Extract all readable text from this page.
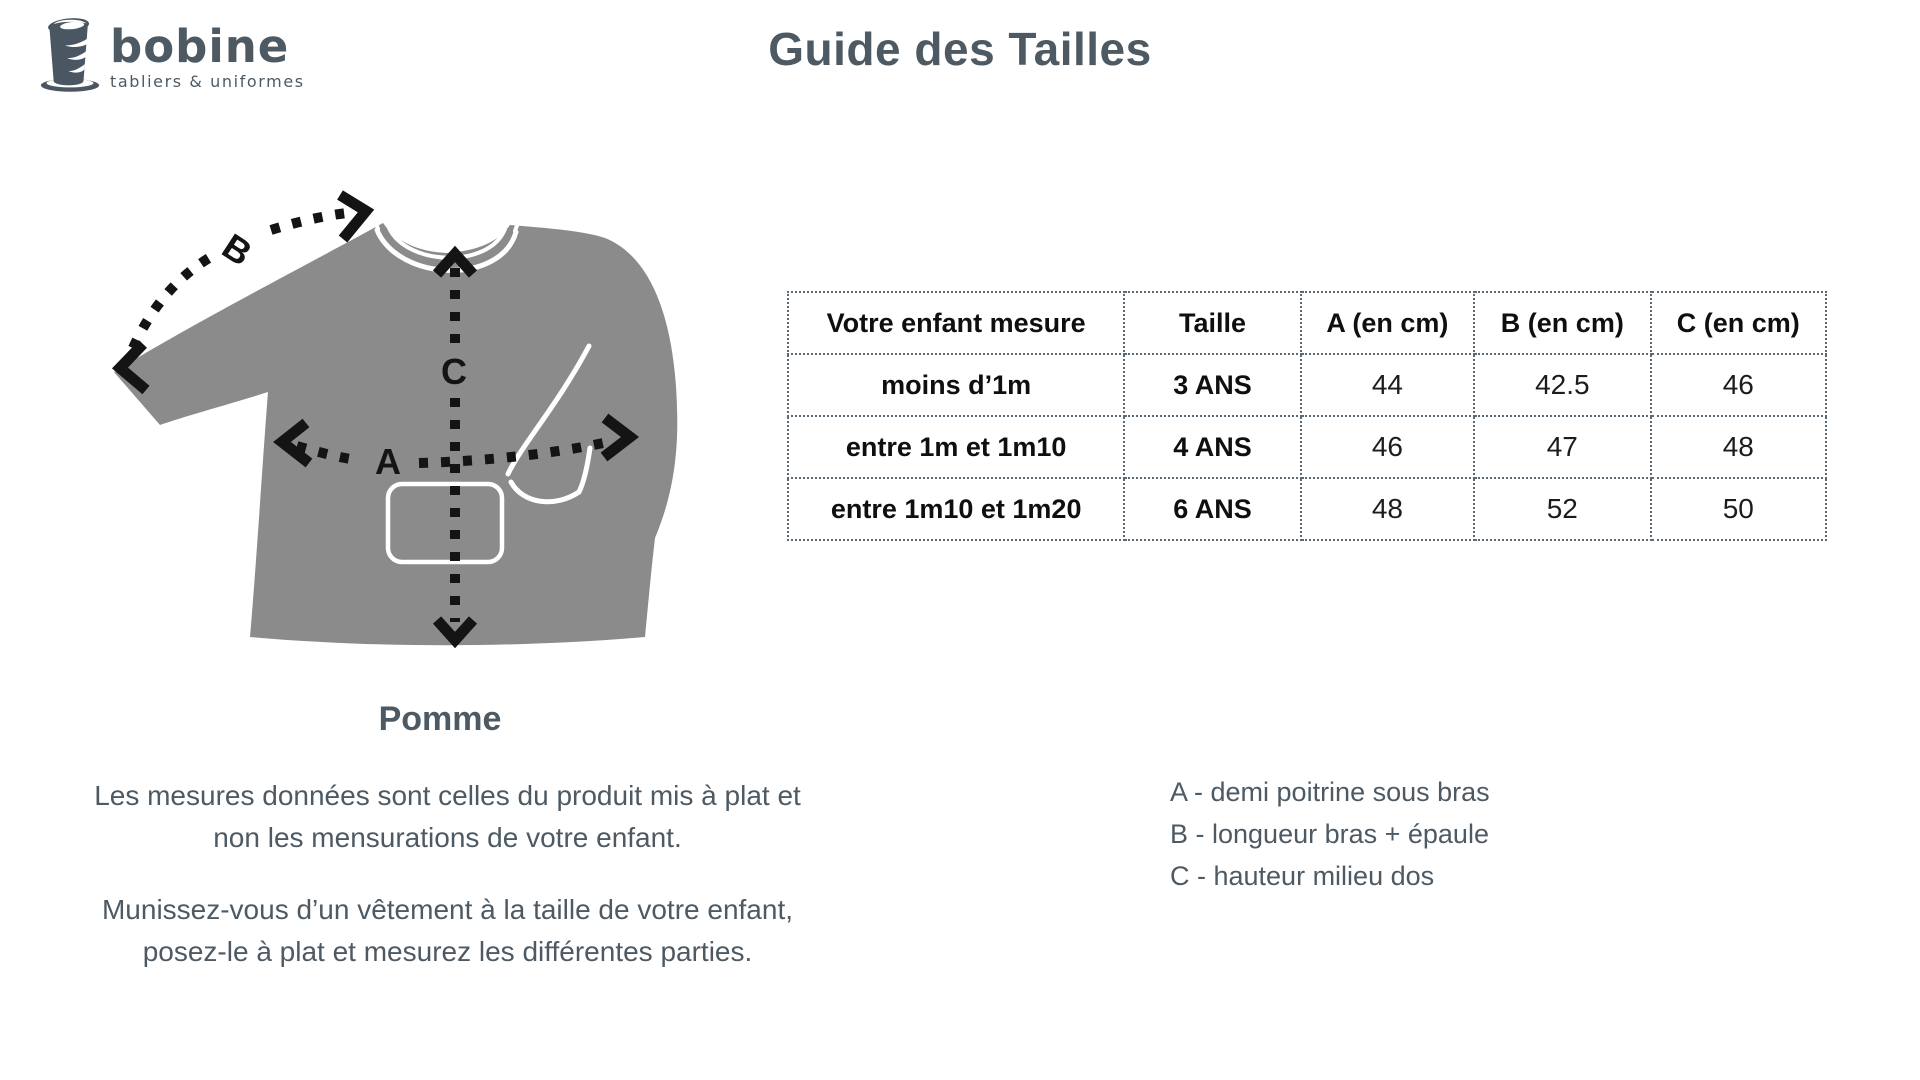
bobine
tabliers & uniformes
Guide des Tailles
B
C
A
Pomme
Votre enfant mesure	Taille	A (en cm)	B (en cm)	C (en cm)
moins d’1m	3 ANS	44	42.5	46
entre 1m et 1m10	4 ANS	46	47	48
entre 1m10 et 1m20	6 ANS	48	52	50

Les mesures données sont celles du produit mis à plat et
non les mensurations de votre enfant.

Munissez-vous d’un vêtement à la taille de votre enfant,
posez-le à plat et mesurez les différentes parties.

A - demi poitrine sous bras
B - longueur bras + épaule
C - hauteur milieu dos
